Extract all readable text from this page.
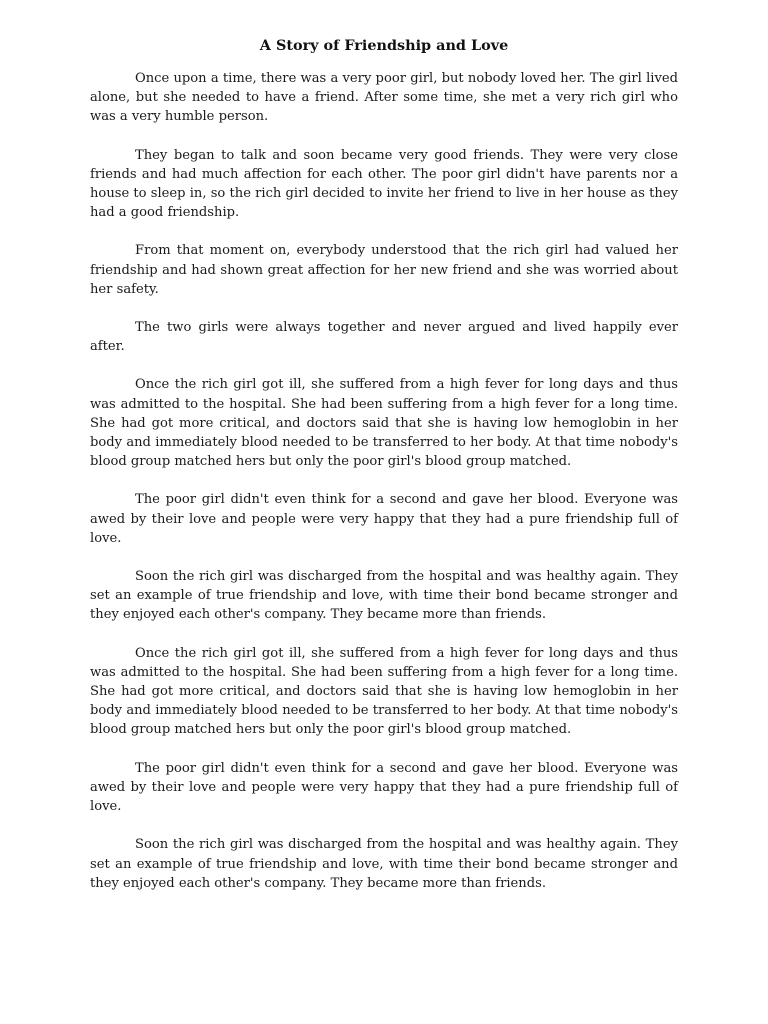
A Story of Friendship and Love

Once upon a time, there was a very poor girl, but nobody loved her. The girl lived alone, but she needed to have a friend. After some time, she met a very rich girl who was a very humble person.

They began to talk and soon became very good friends. They were very close friends and had much affection for each other. The poor girl didn't have parents nor a house to sleep in, so the rich girl decided to invite her friend to live in her house as they had a good friendship.

From that moment on, everybody understood that the rich girl had valued her friendship and had shown great affection for her new friend and she was worried about her safety.

The two girls were always together and never argued and lived happily ever after.

Once the rich girl got ill, she suffered from a high fever for long days and thus was admitted to the hospital. She had been suffering from a high fever for a long time. She had got more critical, and doctors said that she is having low hemoglobin in her body and immediately blood needed to be transferred to her body. At that time nobody's blood group matched hers but only the poor girl's blood group matched.

The poor girl didn't even think for a second and gave her blood. Everyone was awed by their love and people were very happy that they had a pure friendship full of love.

Soon the rich girl was discharged from the hospital and was healthy again. They set an example of true friendship and love, with time their bond became stronger and they enjoyed each other's company. They became more than friends.

Once the rich girl got ill, she suffered from a high fever for long days and thus was admitted to the hospital. She had been suffering from a high fever for a long time. She had got more critical, and doctors said that she is having low hemoglobin in her body and immediately blood needed to be transferred to her body. At that time nobody's blood group matched hers but only the poor girl's blood group matched.

The poor girl didn't even think for a second and gave her blood. Everyone was awed by their love and people were very happy that they had a pure friendship full of love.

Soon the rich girl was discharged from the hospital and was healthy again. They set an example of true friendship and love, with time their bond became stronger and they enjoyed each other's company. They became more than friends.
